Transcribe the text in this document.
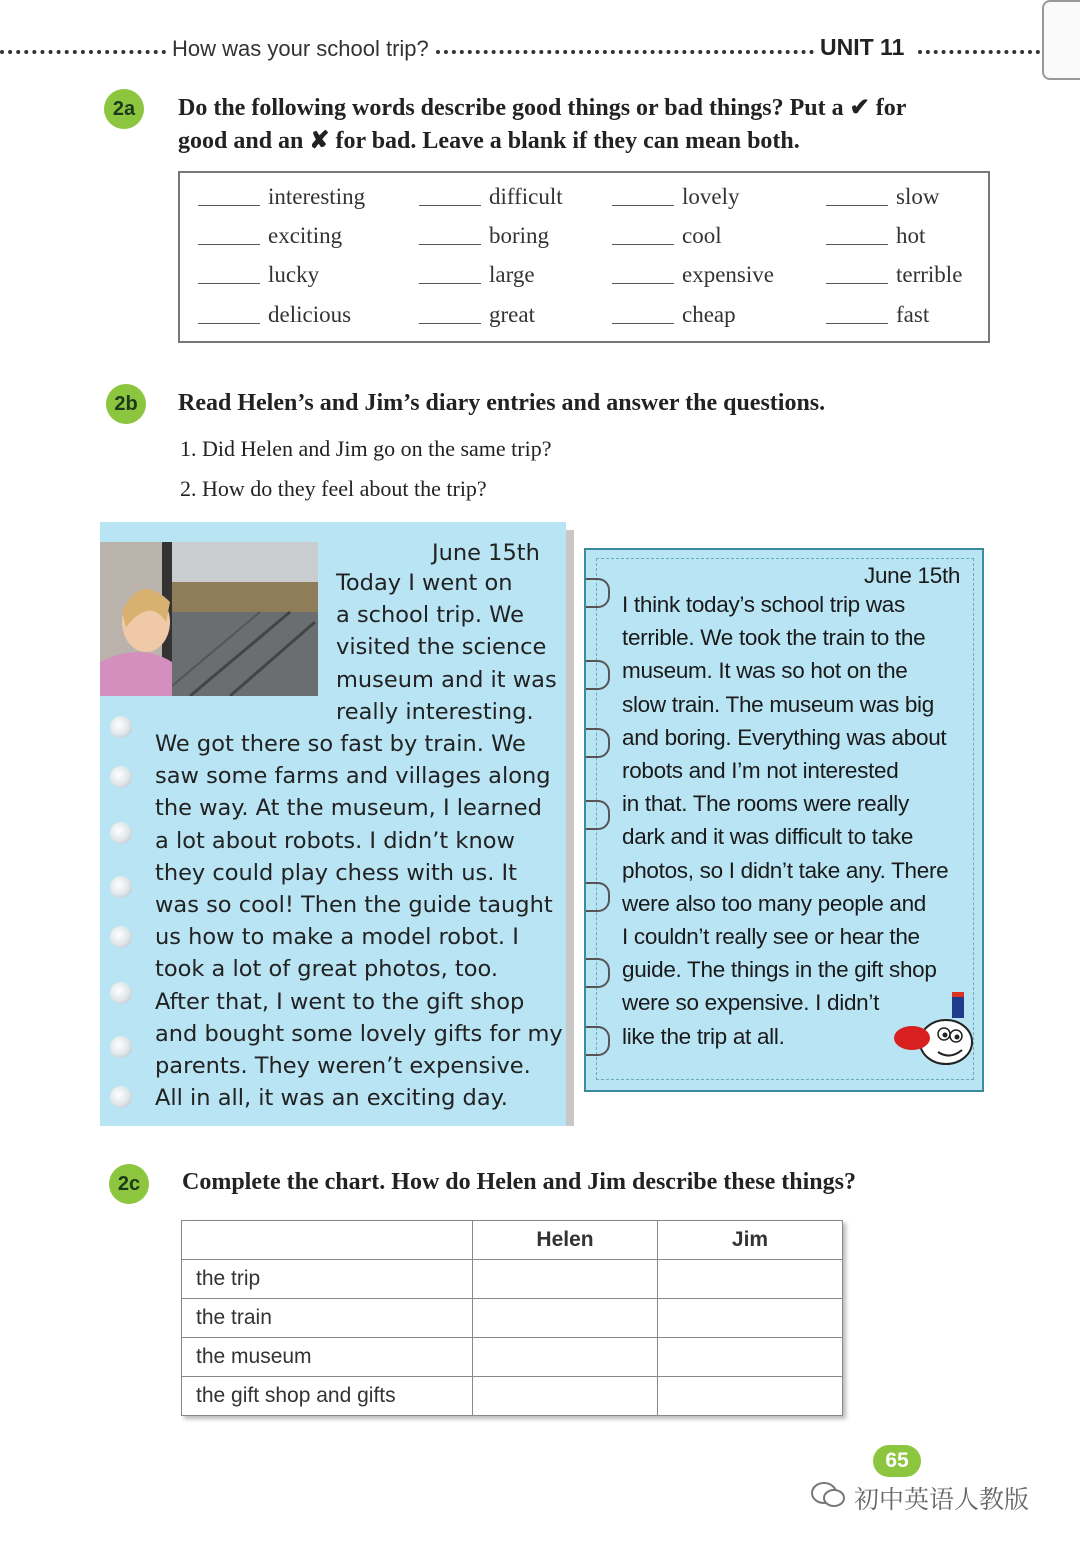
How was your school trip?	UNIT 11
2a	Do the following words describe good things or bad things? Put a ✔ for
good and an ✘ for bad. Leave a blank if they can mean both.
interesting	difficult	lovely	slow
exciting	boring	cool	hot
lucky	large	expensive	terrible
delicious	great	cheap	fast
2b	Read Helen’s and Jim’s diary entries and answer the questions.
1. Did Helen and Jim go on the same trip?
2. How do they feel about the trip?
June 15th
Today I went on
a school trip. We
visited the science
museum and it was
really interesting.
We got there so fast by train. We
saw some farms and villages along
the way. At the museum, I learned
a lot about robots. I didn’t know
they could play chess with us. It
was so cool! Then the guide taught
us how to make a model robot. I
took a lot of great photos, too.
After that, I went to the gift shop
and bought some lovely gifts for my
parents. They weren’t expensive.
All in all, it was an exciting day.
June 15th
I think today’s school trip was
terrible. We took the train to the
museum. It was so hot on the
slow train. The museum was big
and boring. Everything was about
robots and I’m not interested
in that. The rooms were really
dark and it was difficult to take
photos, so I didn’t take any. There
were also too many people and
I couldn’t really see or hear the
guide. The things in the gift shop
were so expensive. I didn’t
like the trip at all.
2c	Complete the chart. How do Helen and Jim describe these things?
	Helen	Jim
the trip		
the train		
the museum		
the gift shop and gifts		
65
初中英语人教版
